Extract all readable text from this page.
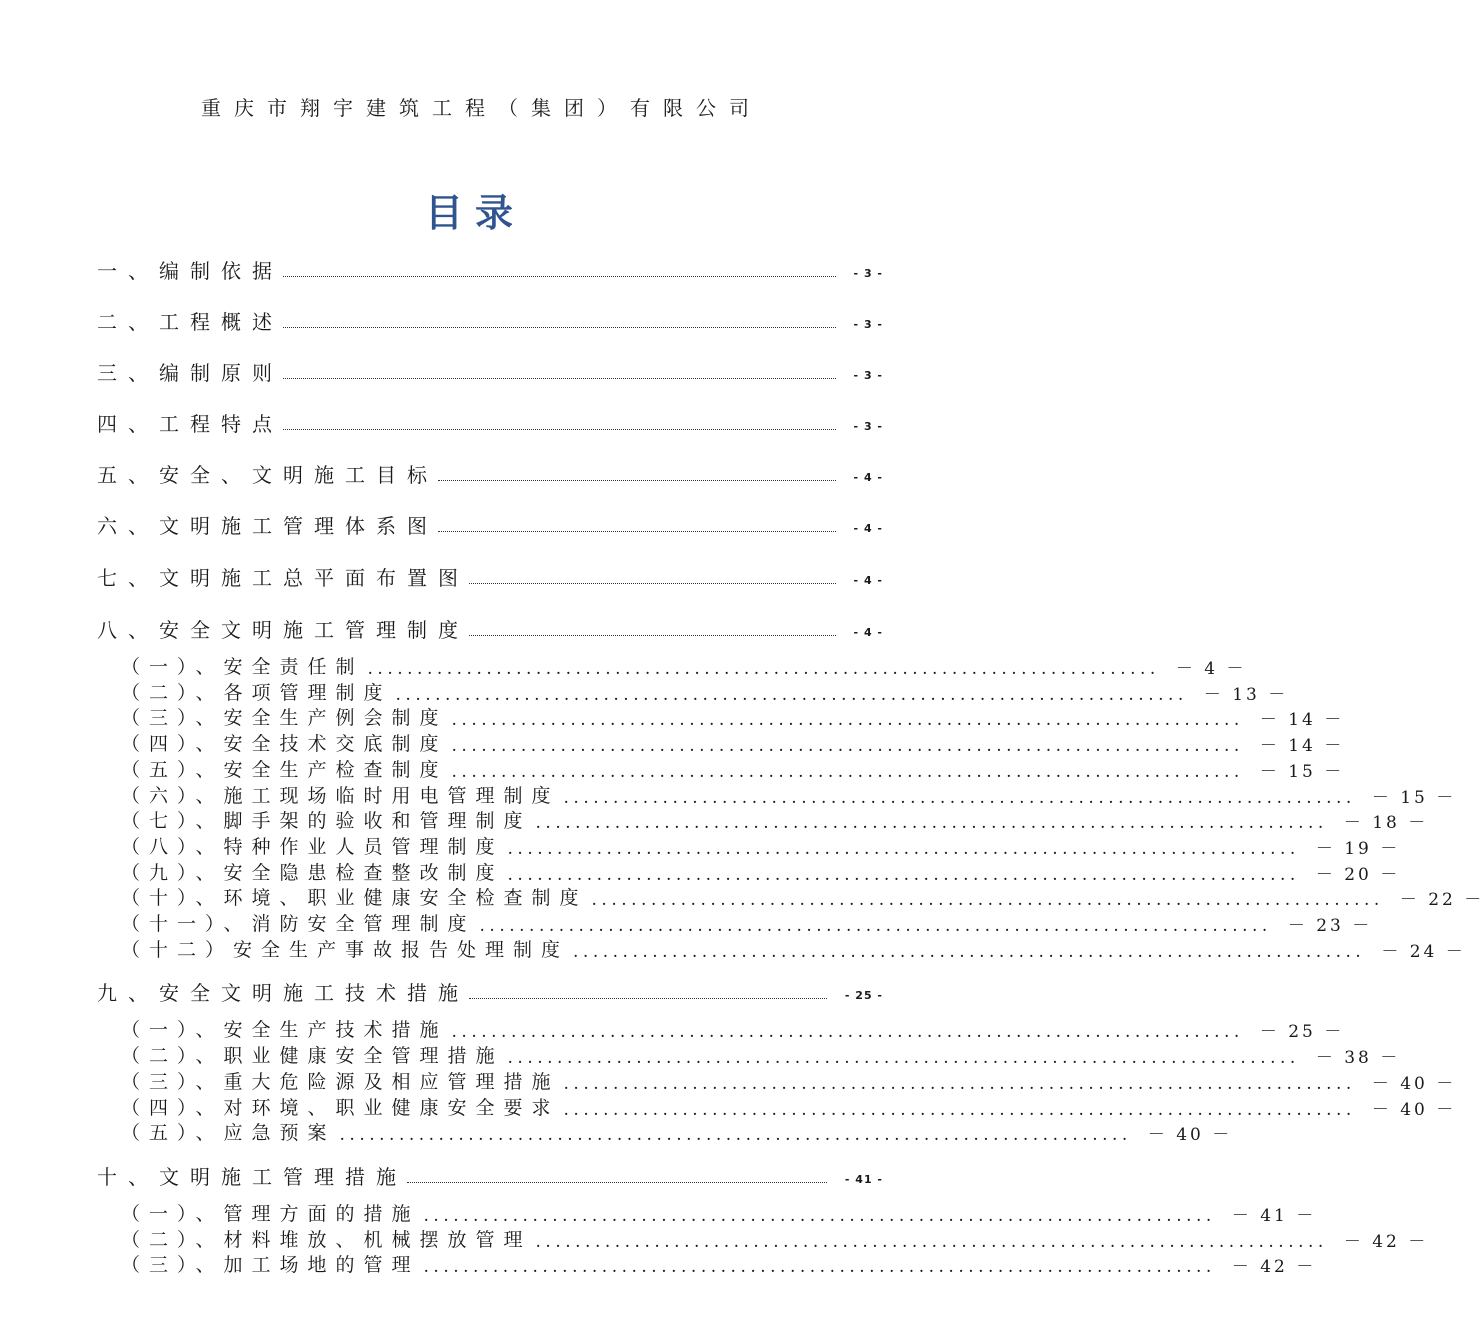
重庆市翔宇建筑工程（集团）有限公司
目录
一、编制依据	- 3 -
二、工程概述	- 3 -
三、编制原则	- 3 -
四、工程特点	- 3 -
五、安全、文明施工目标	- 4 -
六、文明施工管理体系图	- 4 -
七、文明施工总平面布置图	- 4 -
八、安全文明施工管理制度	- 4 -
（一）、安全责任制 ................................................................................ － 4 －
（二）、各项管理制度 ................................................................................ － 13 －
（三）、安全生产例会制度 ................................................................................ － 14 －
（四）、安全技术交底制度 ................................................................................ － 14 －
（五）、安全生产检查制度 ................................................................................ － 15 －
（六）、施工现场临时用电管理制度 ................................................................................ － 15 －
（七）、脚手架的验收和管理制度 ................................................................................ － 18 －
（八）、特种作业人员管理制度 ................................................................................ － 19 －
（九）、安全隐患检查整改制度 ................................................................................ － 20 －
（十）、环境、职业健康安全检查制度 ................................................................................ － 22 －
（十一）、消防安全管理制度 ................................................................................ － 23 －
（十二）安全生产事故报告处理制度 ................................................................................ － 24 －
九、安全文明施工技术措施	- 25 -
（一）、安全生产技术措施 ................................................................................ － 25 －
（二）、职业健康安全管理措施 ................................................................................ － 38 －
（三）、重大危险源及相应管理措施 ................................................................................ － 40 －
（四）、对环境、职业健康安全要求 ................................................................................ － 40 －
（五）、应急预案 ................................................................................ － 40 －
十、文明施工管理措施	- 41 -
（一）、管理方面的措施 ................................................................................ － 41 －
（二）、材料堆放、机械摆放管理 ................................................................................ － 42 －
（三）、加工场地的管理 ................................................................................ － 42 －
